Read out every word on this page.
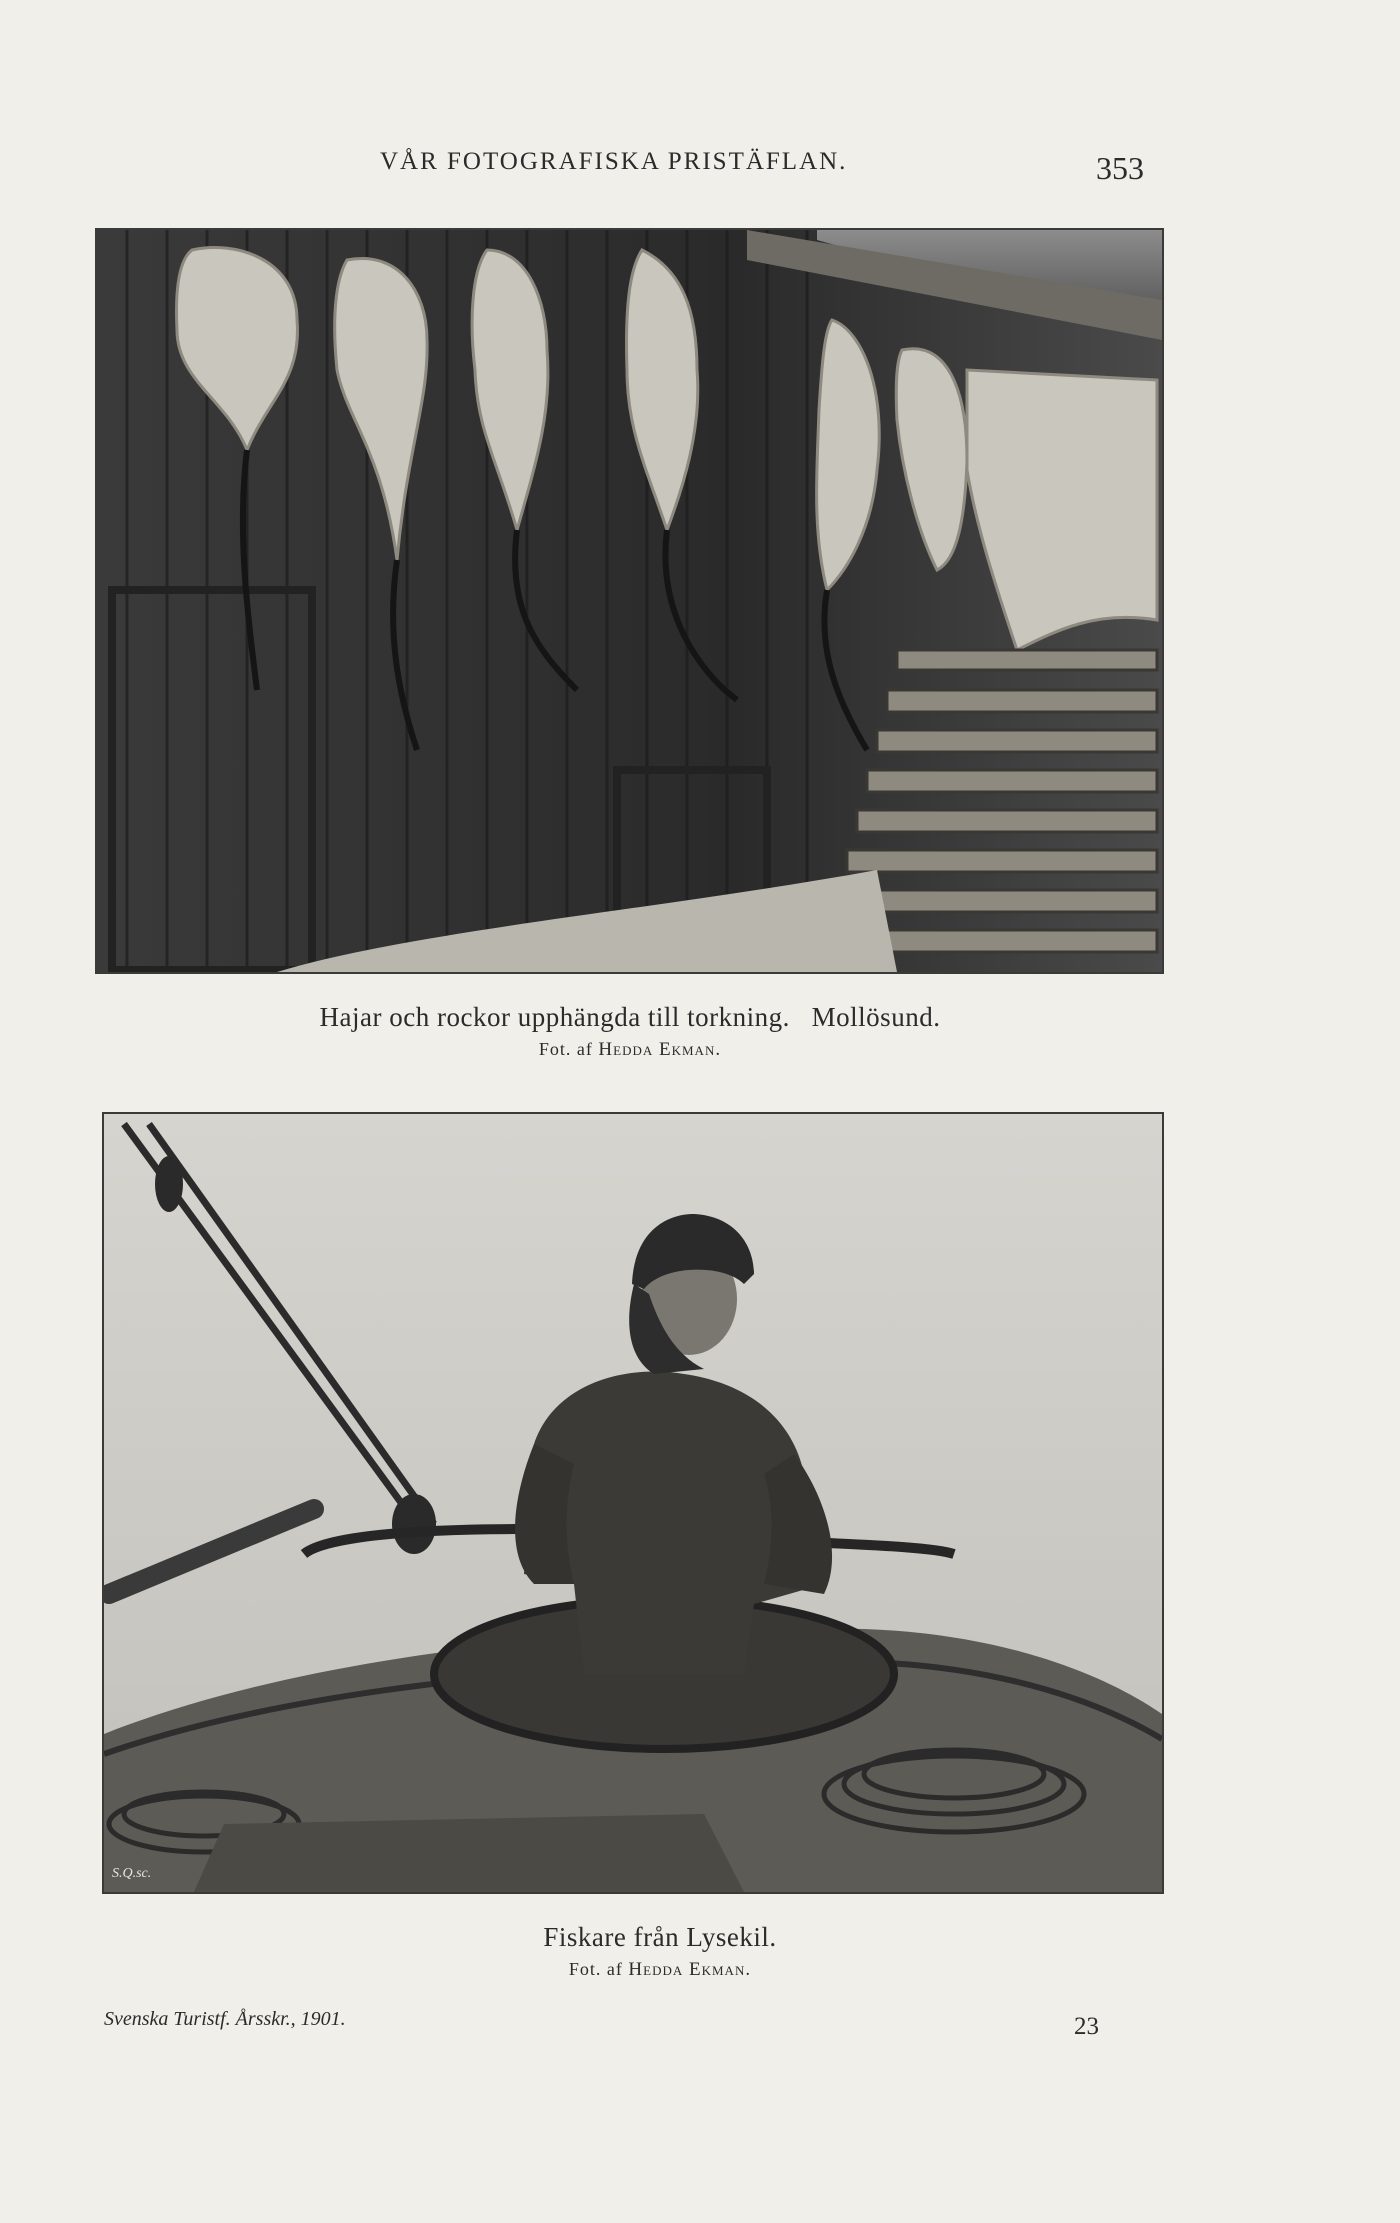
VÅR FOTOGRAFISKA PRISTÄFLAN.	353
Hajar och rockor upphängda till torkning.   Mollösund.
Fot. af Hedda Ekman.
S.Q.sc.
Fiskare från Lysekil.
Fot. af Hedda Ekman.
Svenska Turistf. Årsskr., 1901.	23
